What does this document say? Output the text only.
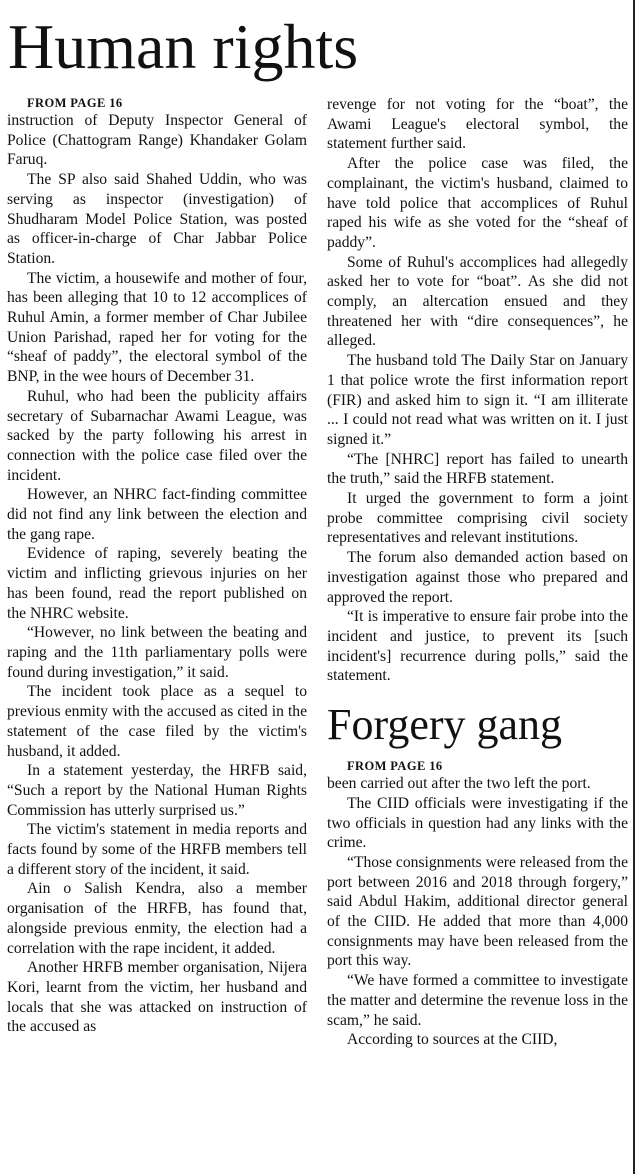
Human rights

FROM PAGE 16

instruction of Deputy Inspector General of Police (Chattogram Range) Khandaker Golam Faruq.

The SP also said Shahed Uddin, who was serving as inspector (investigation) of Shudharam Model Police Station, was posted as officer-in-charge of Char Jabbar Police Station.

The victim, a housewife and mother of four, has been alleging that 10 to 12 accomplices of Ruhul Amin, a former member of Char Jubilee Union Parishad, raped her for voting for the “sheaf of paddy”, the electoral symbol of the BNP, in the wee hours of December 31.

Ruhul, who had been the publicity affairs secretary of Subarnachar Awami League, was sacked by the party following his arrest in connection with the police case filed over the incident.

However, an NHRC fact-finding committee did not find any link between the election and the gang rape.

Evidence of raping, severely beating the victim and inflicting grievous injuries on her has been found, read the report published on the NHRC website.

“However, no link between the beating and raping and the 11th parliamentary polls were found during investigation,” it said.

The incident took place as a sequel to previous enmity with the accused as cited in the statement of the case filed by the victim's husband, it added.

In a statement yesterday, the HRFB said, “Such a report by the National Human Rights Commission has utterly surprised us.”

The victim's statement in media reports and facts found by some of the HRFB members tell a different story of the incident, it said.

Ain o Salish Kendra, also a member organisation of the HRFB, has found that, alongside previous enmity, the election had a correlation with the rape incident, it added.

Another HRFB member organisation, Nijera Kori, learnt from the victim, her husband and locals that she was attacked on instruction of the accused as

revenge for not voting for the “boat”, the Awami League's electoral symbol, the statement further said.

After the police case was filed, the complainant, the victim's husband, claimed to have told police that accomplices of Ruhul raped his wife as she voted for the “sheaf of paddy”.

Some of Ruhul's accomplices had allegedly asked her to vote for “boat”. As she did not comply, an altercation ensued and they threatened her with “dire consequences”, he alleged.

The husband told The Daily Star on January 1 that police wrote the first information report (FIR) and asked him to sign it. “I am illiterate ... I could not read what was written on it. I just signed it.”

“The [NHRC] report has failed to unearth the truth,” said the HRFB statement.

It urged the government to form a joint probe committee comprising civil society representatives and relevant institutions.

The forum also demanded action based on investigation against those who prepared and approved the report.

“It is imperative to ensure fair probe into the incident and justice, to prevent its [such incident's] recurrence during polls,” said the statement.

Forgery gang

FROM PAGE 16

been carried out after the two left the port.

The CIID officials were investigating if the two officials in question had any links with the crime.

“Those consignments were released from the port between 2016 and 2018 through forgery,” said Abdul Hakim, additional director general of the CIID. He added that more than 4,000 consignments may have been released from the port this way.

“We have formed a committee to investigate the matter and determine the revenue loss in the scam,” he said.

According to sources at the CIID,
